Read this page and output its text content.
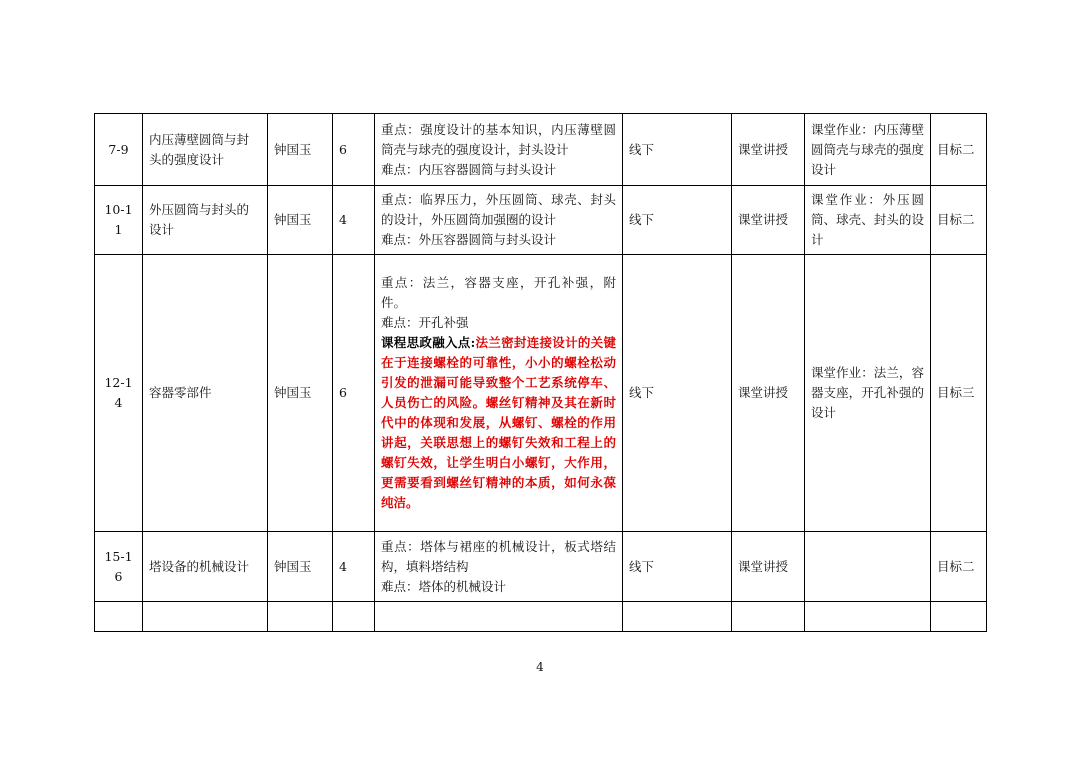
7-9	内压薄壁圆筒与封头的强度设计	钟国玉	6	重点：强度设计的基本知识，内压薄壁圆筒壳与球壳的强度设计，封头设计
难点：内压容器圆筒与封头设计	线下	课堂讲授	课堂作业：内压薄壁圆筒壳与球壳的强度设计	目标二
10-11	外压圆筒与封头的设计	钟国玉	4	重点：临界压力，外压圆筒、球壳、封头的设计，外压圆筒加强圈的设计
难点：外压容器圆筒与封头设计	线下	课堂讲授	课堂作业：外压圆筒、球壳、封头的设计	目标二
12-14	容器零部件	钟国玉	6	重点：法兰，容器支座，开孔补强，附件。
难点：开孔补强
课程思政融入点:法兰密封连接设计的关键在于连接螺栓的可靠性，小小的螺栓松动引发的泄漏可能导致整个工艺系统停车、人员伤亡的风险。螺丝钉精神及其在新时代中的体现和发展，从螺钉、螺栓的作用讲起，关联思想上的螺钉失效和工程上的螺钉失效，让学生明白小螺钉，大作用，更需要看到螺丝钉精神的本质，如何永葆纯洁。	线下	课堂讲授	课堂作业：法兰，容器支座，开孔补强的设计	目标三
15-16	塔设备的机械设计	钟国玉	4	重点：塔体与裙座的机械设计，板式塔结构，填料塔结构
难点：塔体的机械设计	线下	课堂讲授		目标二

4
